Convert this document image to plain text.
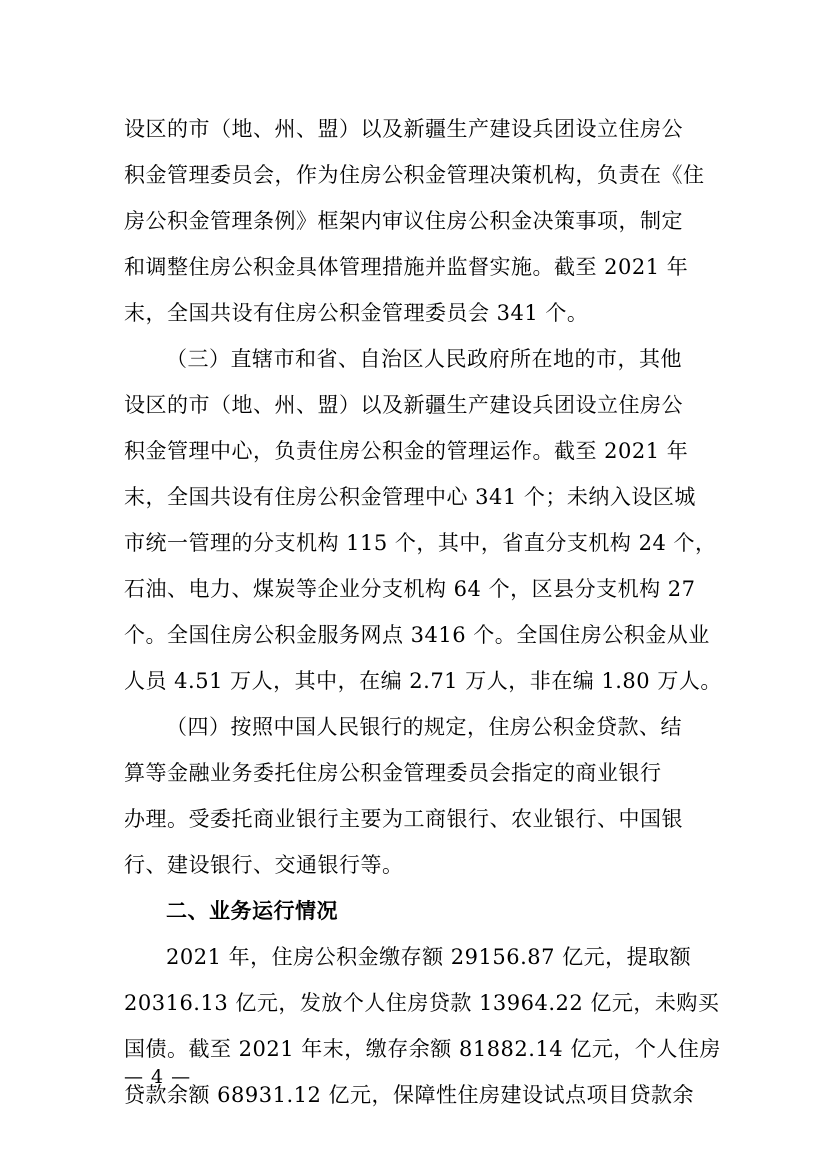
设区的市（地、州、盟）以及新疆生产建设兵团设立住房公
积金管理委员会，作为住房公积金管理决策机构，负责在《住
房公积金管理条例》框架内审议住房公积金决策事项，制定
和调整住房公积金具体管理措施并监督实施。截至 2021 年
末，全国共设有住房公积金管理委员会 341 个。
（三）直辖市和省、自治区人民政府所在地的市，其他
设区的市（地、州、盟）以及新疆生产建设兵团设立住房公
积金管理中心，负责住房公积金的管理运作。截至 2021 年
末，全国共设有住房公积金管理中心 341 个；未纳入设区城
市统一管理的分支机构 115 个，其中，省直分支机构 24 个，
石油、电力、煤炭等企业分支机构 64 个，区县分支机构 27
个。全国住房公积金服务网点 3416 个。全国住房公积金从业
人员 4.51 万人，其中，在编 2.71 万人，非在编 1.80 万人。
（四）按照中国人民银行的规定，住房公积金贷款、结
算等金融业务委托住房公积金管理委员会指定的商业银行
办理。受委托商业银行主要为工商银行、农业银行、中国银
行、建设银行、交通银行等。
二、业务运行情况
2021 年，住房公积金缴存额 29156.87 亿元，提取额
20316.13 亿元，发放个人住房贷款 13964.22 亿元，未购买
国债。截至 2021 年末，缴存余额 81882.14 亿元，个人住房
贷款余额 68931.12 亿元，保障性住房建设试点项目贷款余
— 4 —
